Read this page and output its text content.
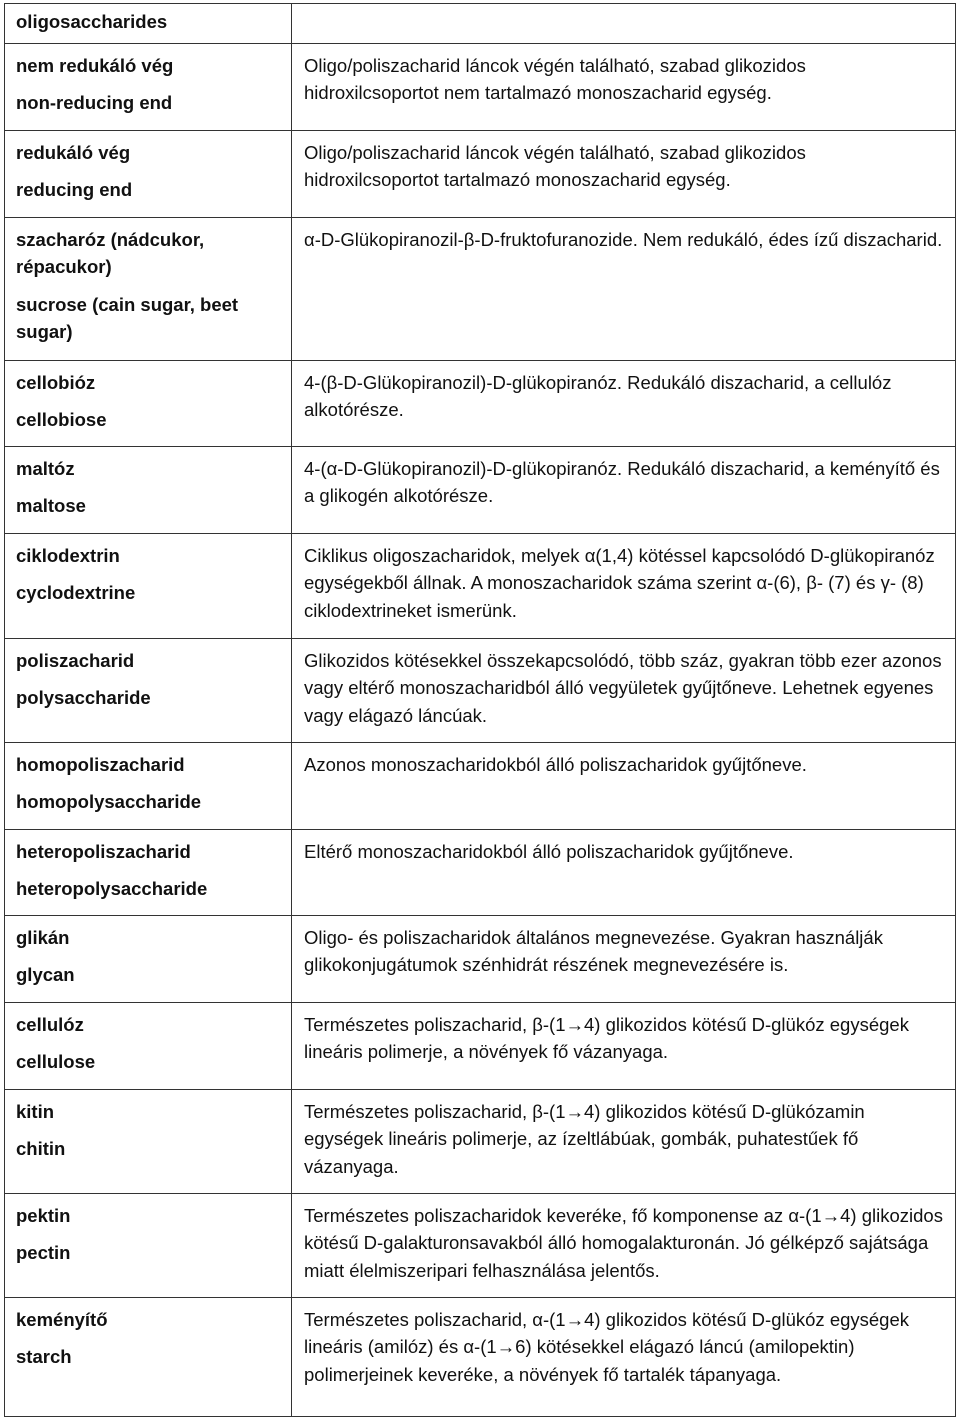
oligosaccharides	

nem redukáló vég
non-reducing end	Oligo/poliszacharid láncok végén található, szabad glikozidos hidroxilcsoportot nem tartalmazó monoszacharid egység.

redukáló vég
reducing end	Oligo/poliszacharid láncok végén található, szabad glikozidos hidroxilcsoportot tartalmazó monoszacharid egység.

szacharóz (nádcukor, répacukor)
sucrose (cain sugar, beet sugar)	α-D-Glükopiranozil-β-D-fruktofuranozide. Nem redukáló, édes ízű diszacharid.

cellobióz
cellobiose	4-(β-D-Glükopiranozil)-D-glükopiranóz. Redukáló diszacharid, a cellulóz alkotórésze.

maltóz
maltose	4-(α-D-Glükopiranozil)-D-glükopiranóz. Redukáló diszacharid, a keményítő és a glikogén alkotórésze.

ciklodextrin
cyclodextrine	Ciklikus oligoszacharidok, melyek α(1,4) kötéssel kapcsolódó D-glükopiranóz egységekből állnak. A monoszacharidok száma szerint α-(6), β- (7) és γ- (8) ciklodextrineket ismerünk.

poliszacharid
polysaccharide	Glikozidos kötésekkel összekapcsolódó, több száz, gyakran több ezer azonos vagy eltérő monoszacharidból álló vegyületek gyűjtőneve. Lehetnek egyenes vagy elágazó láncúak.

homopoliszacharid
homopolysaccharide	Azonos monoszacharidokból álló poliszacharidok gyűjtőneve.

heteropoliszacharid
heteropolysaccharide	Eltérő monoszacharidokból álló poliszacharidok gyűjtőneve.

glikán
glycan	Oligo- és poliszacharidok általános megnevezése. Gyakran használják glikokonjugátumok szénhidrát részének megnevezésére is.

cellulóz
cellulose	Természetes poliszacharid, β-(1→4) glikozidos kötésű D-glükóz egységek lineáris polimerje, a növények fő vázanyaga.

kitin
chitin	Természetes poliszacharid, β-(1→4) glikozidos kötésű D-glükózamin egységek lineáris polimerje, az ízeltlábúak, gombák, puhatestűek fő vázanyaga.

pektin
pectin	Természetes poliszacharidok keveréke, fő komponense az α-(1→4) glikozidos kötésű D-galakturonsavakból álló homogalakturonán. Jó gélképző sajátsága miatt élelmiszeripari felhasználása jelentős.

keményítő
starch	Természetes poliszacharid, α-(1→4) glikozidos kötésű D-glükóz egységek lineáris (amilóz) és α-(1→6) kötésekkel elágazó láncú (amilopektin) polimerjeinek keveréke, a növények fő tartalék tápanyaga.
